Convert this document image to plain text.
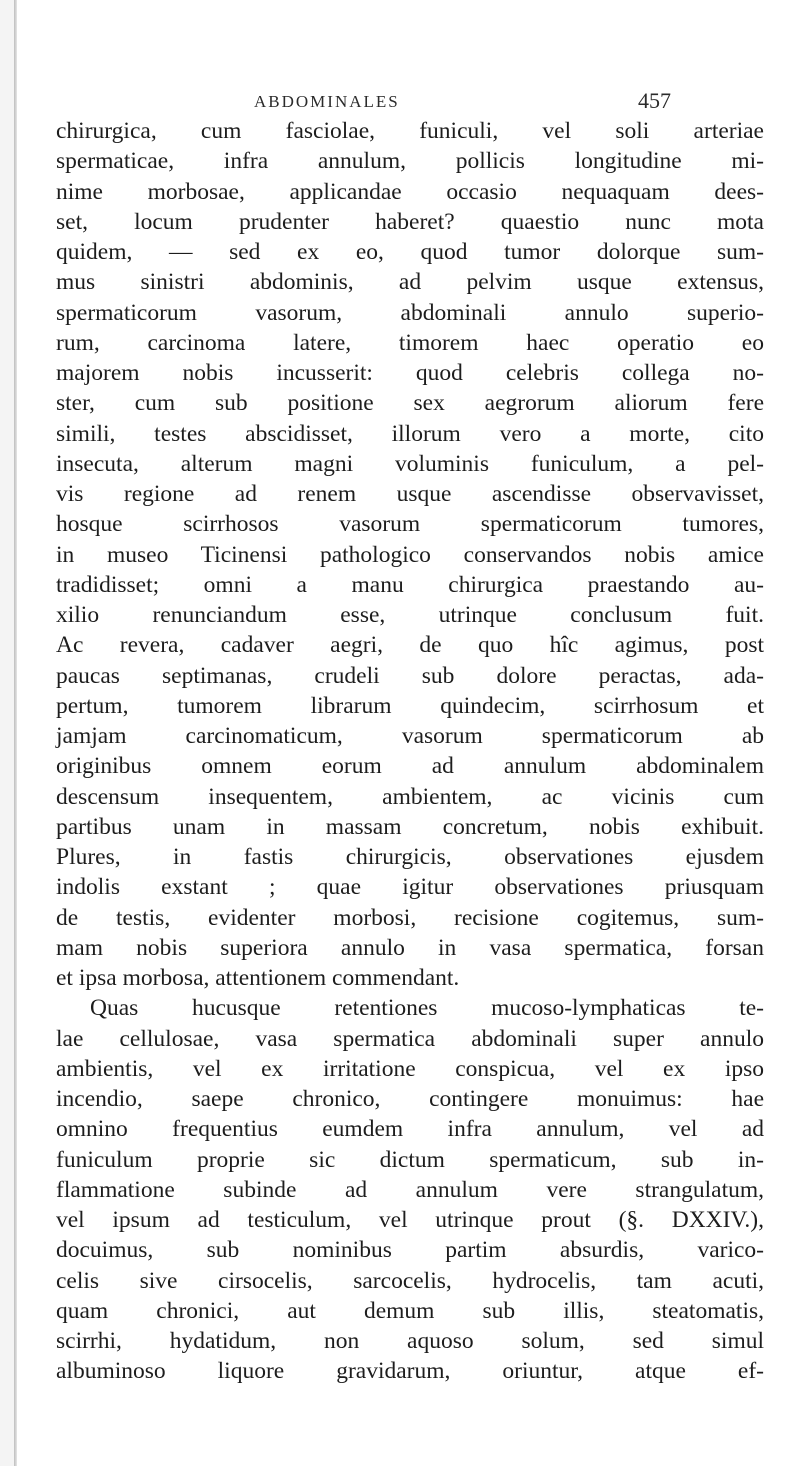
ABDOMINALES	457
chirurgica, cum fasciolae, funiculi, vel soli arteriae
spermaticae, infra annulum, pollicis longitudine mi-
nime morbosae, applicandae occasio nequaquam dees-
set, locum prudenter haberet? quaestio nunc mota
quidem, — sed ex eo, quod tumor dolorque sum-
mus sinistri abdominis, ad pelvim usque extensus,
spermaticorum vasorum, abdominali annulo superio-
rum, carcinoma latere, timorem haec operatio eo
majorem nobis incusserit: quod celebris collega no-
ster, cum sub positione sex aegrorum aliorum fere
simili, testes abscidisset, illorum vero a morte, cito
insecuta, alterum magni voluminis funiculum, a pel-
vis regione ad renem usque ascendisse observavisset,
hosque scirrhosos vasorum spermaticorum tumores,
in museo Ticinensi pathologico conservandos nobis amice
tradidisset; omni a manu chirurgica praestando au-
xilio renunciandum esse, utrinque conclusum fuit.
Ac revera, cadaver aegri, de quo hîc agimus, post
paucas septimanas, crudeli sub dolore peractas, ada-
pertum, tumorem librarum quindecim, scirrhosum et
jamjam carcinomaticum, vasorum spermaticorum ab
originibus omnem eorum ad annulum abdominalem
descensum insequentem, ambientem, ac vicinis cum
partibus unam in massam concretum, nobis exhibuit.
Plures, in fastis chirurgicis, observationes ejusdem
indolis exstant ; quae igitur observationes priusquam
de testis, evidenter morbosi, recisione cogitemus, sum-
mam nobis superiora annulo in vasa spermatica, forsan
et ipsa morbosa, attentionem commendant.
Quas hucusque retentiones mucoso-lymphaticas te-
lae cellulosae, vasa spermatica abdominali super annulo
ambientis, vel ex irritatione conspicua, vel ex ipso
incendio, saepe chronico, contingere monuimus: hae
omnino frequentius eumdem infra annulum, vel ad
funiculum proprie sic dictum spermaticum, sub in-
flammatione subinde ad annulum vere strangulatum,
vel ipsum ad testiculum, vel utrinque prout (§. DXXIV.),
docuimus, sub nominibus partim absurdis, varico-
celis sive cirsocelis, sarcocelis, hydrocelis, tam acuti,
quam chronici, aut demum sub illis, steatomatis,
scirrhi, hydatidum, non aquoso solum, sed simul
albuminoso liquore gravidarum, oriuntur, atque ef-
